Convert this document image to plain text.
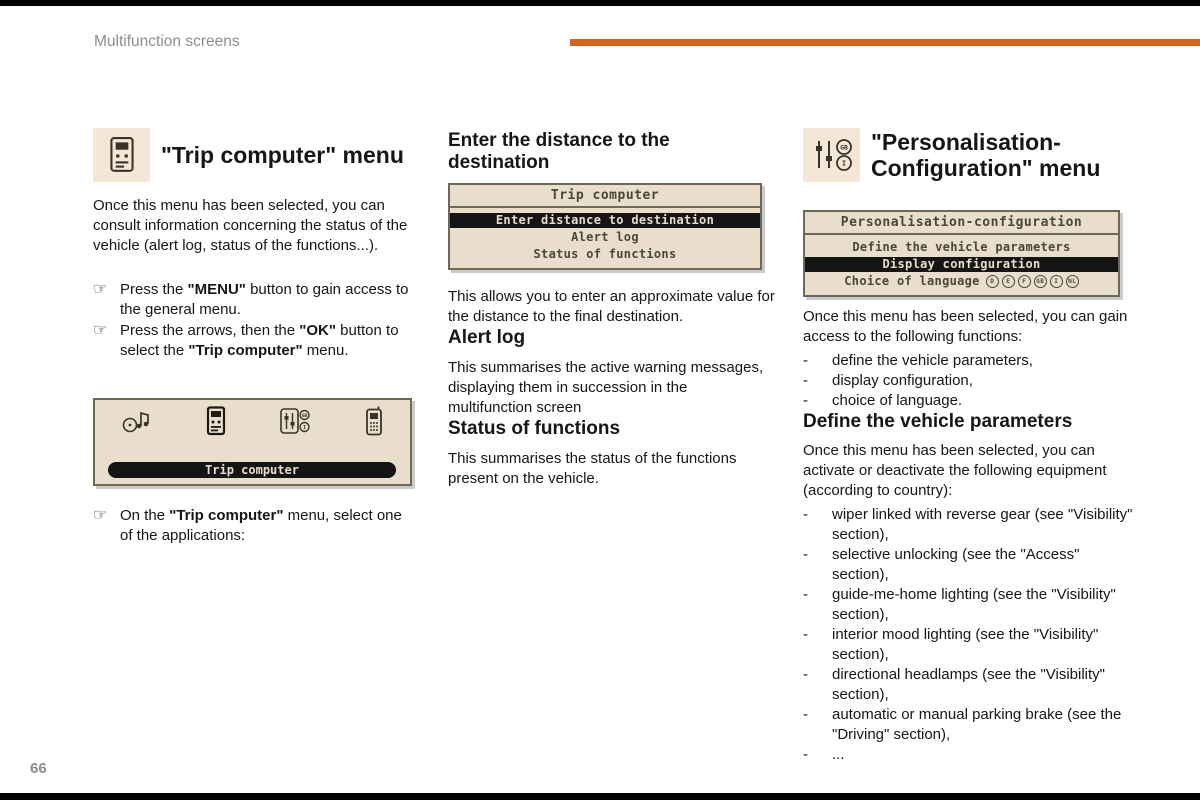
Multifunction screens
"Trip computer" menu

Once this menu has been selected, you can consult information concerning the status of the vehicle (alert log, status of the functions...).

☞ Press the "MENU" button to gain access to the general menu.
☞ Press the arrows, then the "OK" button to select the "Trip computer" menu.
GB
I
Trip computer
☞ On the "Trip computer" menu, select one of the applications:
Enter the distance to the destination
Trip computer
Enter distance to destination
Alert log
Status of functions

This allows you to enter an approximate value for the distance to the final destination.

Alert log

This summarises the active warning messages, displaying them in succession in the multifunction screen

Status of functions

This summarises the status of the functions present on the vehicle.

GB
I
"Personalisation-
Configuration" menu
Personalisation-configuration
Define the vehicle parameters
Display configuration
Choice of language	D	E	F	GB	I	NL

Once this menu has been selected, you can gain access to the following functions:

-	define the vehicle parameters,
-	display configuration,
-	choice of language.
Define the vehicle parameters

Once this menu has been selected, you can activate or deactivate the following equipment (according to country):

-	wiper linked with reverse gear (see "Visibility" section),
-	selective unlocking (see the "Access" section),
-	guide-me-home lighting (see the "Visibility" section),
-	interior mood lighting (see the "Visibility" section),
-	directional headlamps (see the "Visibility" section),
-	automatic or manual parking brake (see the "Driving" section),
-	...
66
